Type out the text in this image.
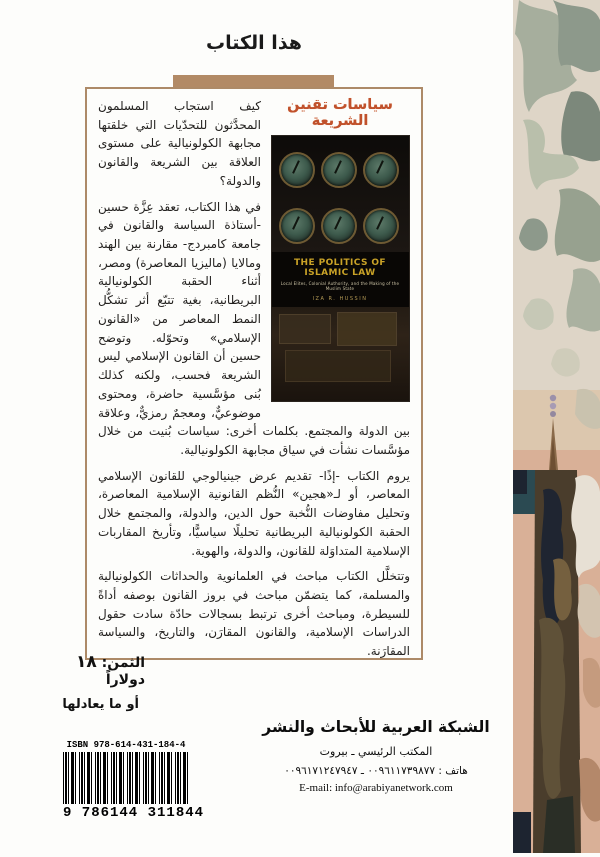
هذا الكتاب
سياسات تقنين الشريعة
THE POLITICS OF ISLAMIC LAW
Local Elites, Colonial Authority, and the Making of the Muslim State
IZA R. HUSSIN

كيف استجاب المسلمون المحدَّثون للتحدّيات التي خلقتها مجابهة الكولونيالية على مستوى العلاقة بين الشريعة والقانون والدولة؟

في هذا الكتاب، تعقد عِزَّة حسين -أستاذة السياسة والقانون في جامعة كامبردج- مقارنة بين الهند ومالايا (ماليزيا المعاصرة) ومصر، أثناء الحقبة الكولونيالية البريطانية، بغية تتبّع أثر تشكُّل النمط المعاصر من «القانون الإسلامي» وتحوّله. وتوضح حسين أن القانون الإسلامي ليس الشريعة فحسب، ولكنه كذلك بُنى مؤسَّسية حاضرة، ومحتوى موضوعيٌّ، ومعجمٌ رمزيٌّ، وعلاقة بين الدولة والمجتمع. بكلمات أخرى: سياسات بُنيت من خلال مؤسَّسات نشأت في سياق مجابهة الكولونيالية.

يروم الكتاب -إذًا- تقديم عرض جينيالوجي للقانون الإسلامي المعاصر، أو لـ«هجين» النُّظم القانونية الإسلامية المعاصرة، وتحليل مفاوضات النُّخبة حول الدين، والدولة، والمجتمع خلال الحقبة الكولونيالية البريطانية تحليلًا سياسيًّا، وتأريخ المقاربات الإسلامية المتداوَلة للقانون، والدولة، والهوية.

وتتخلَّل الكتاب مباحث في العلمانوية والحداثات الكولونيالية والمسلمة، كما يتضمّن مباحث في بروز القانون بوصفه أداةً للسيطرة، ومباحث أخرى ترتبط بسجالات حادّة سادت حقول الدراسات الإسلامية، والقانون المقارَن، والتاريخ، والسياسة المقارَنة.

الثمن: ١٨ دولاراً
أو ما يعادلها
ISBN 978-614-431-184-4
9 786144 311844
الشبكة العربية للأبحاث والنشر
المكتب الرئيسي ـ بيروت
هاتف : ٠٠٩٦١١٧٣٩٨٧٧ ـ ٠٠٩٦١٧١٢٤٧٩٤٧
E-mail: info@arabiyanetwork.com
